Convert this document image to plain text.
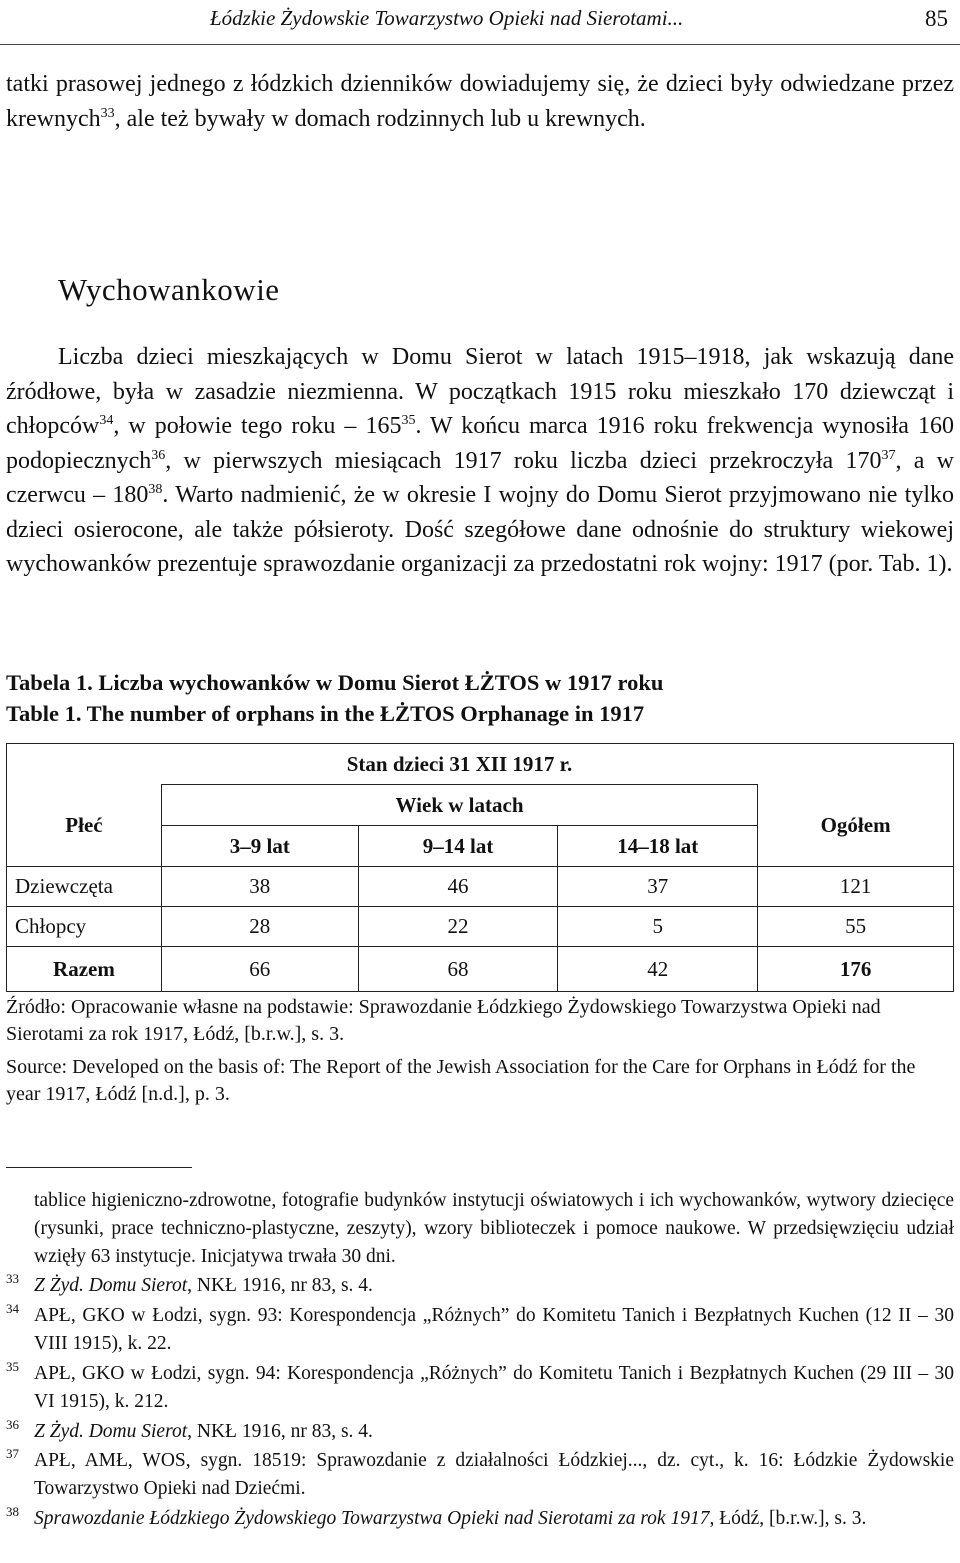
Łódzkie Żydowskie Towarzystwo Opieki nad Sierotami...	85

tatki prasowej jednego z łódzkich dzienników dowiadujemy się, że dzieci były odwiedzane przez krewnych$^{33}$, ale też bywały w domach rodzinnych lub u krewnych.

Wychowankowie

Liczba dzieci mieszkających w Domu Sierot w latach 1915–1918, jak wskazują dane źródłowe, była w zasadzie niezmienna. W początkach 1915 roku mieszkało 170 dziewcząt i chłopców$^{34}$, w połowie tego roku – $165^{35}$. W końcu marca 1916 roku frekwencja wynosiła 160 podopiecznych$^{36}$, w pierwszych miesiącach 1917 roku liczba dzieci przekroczyła $170^{37}$, a w czerwcu – $180^{38}$. Warto nadmienić, że w okresie I wojny do Domu Sierot przyjmowano nie tylko dzieci osierocone, ale także półsieroty. Dość szegółowe dane odnośnie do struktury wiekowej wychowanków prezentuje sprawozdanie organizacji za przedostatni rok wojny: 1917 (por. Tab. 1).

Tabela 1. Liczba wychowanków w Domu Sierot ŁŻTOS w 1917 roku

Table 1. The number of orphans in the ŁŻTOS Orphanage in 1917

	Stan dzieci 31 XII 1917 r.			
Płeć	Wiek w latach			Ogółem
	3–9 lat	9–14 lat	14–18 lat	
Dziewczęta	38	46	37	121
Chłopcy	28	22	5	55
Razem	66	68	42	176

Źródło: Opracowanie własne na podstawie: Sprawozdanie Łódzkiego Żydowskiego Towarzystwa Opieki nad Sierotami za rok 1917, Łódź, [b.r.w.], s. 3.

Source: Developed on the basis of: The Report of the Jewish Association for the Care for Orphans in Łódź for the year 1917, Łódź [n.d.], p. 3.

tablice higieniczno-zdrowotne, fotografie budynków instytucji oświatowych i ich wychowanków, wytwory dziecięce (rysunki, prace techniczno-plastyczne, zeszyty), wzory biblioteczek i pomoce naukowe. W przedsięwzięciu udział wzięły 63 instytucje. Inicjatywa trwała 30 dni.

33 Z Żyd. Domu Sierot, NKŁ 1916, nr 83, s. 4.

34 APŁ, GKO w Łodzi, sygn. 93: Korespondencja „Różnych” do Komitetu Tanich i Bezpłatnych Kuchen (12 II – 30 VIII 1915), k. 22.

35 APŁ, GKO w Łodzi, sygn. 94: Korespondencja „Różnych” do Komitetu Tanich i Bezpłatnych Kuchen (29 III – 30 VI 1915), k. 212.

36 Z Żyd. Domu Sierot, NKŁ 1916, nr 83, s. 4.

37 APŁ, AMŁ, WOS, sygn. 18519: Sprawozdanie z działalności Łódzkiej..., dz. cyt., k. 16: Łódzkie Żydowskie Towarzystwo Opieki nad Dziećmi.

38 Sprawozdanie Łódzkiego Żydowskiego Towarzystwa Opieki nad Sierotami za rok 1917, Łódź, [b.r.w.], s. 3.
